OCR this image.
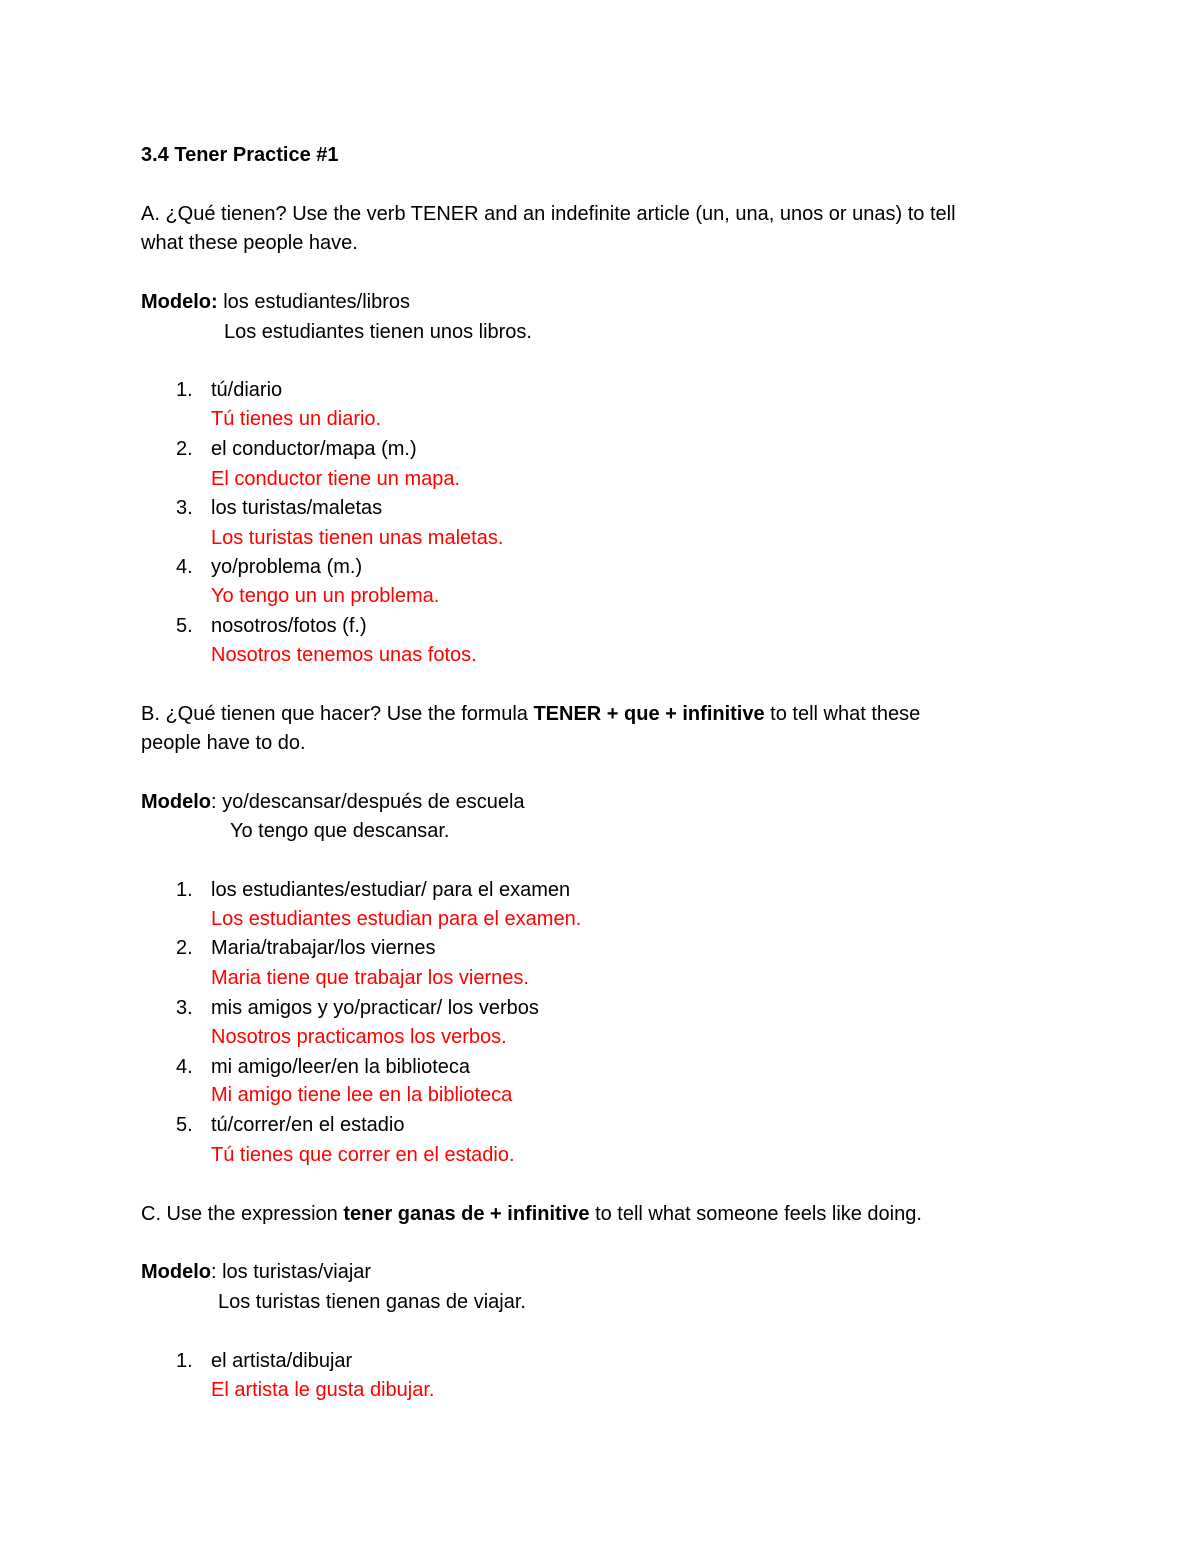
3.4 Tener Practice #1
A. ¿Qué tienen? Use the verb TENER and an indefinite article (un, una, unos or unas) to tell
what these people have.
Modelo: los estudiantes/libros
Los estudiantes tienen unos libros.
1. tú/diario
Tú tienes un diario.
2. el conductor/mapa (m.)
El conductor tiene un mapa.
3. los turistas/maletas
Los turistas tienen unas maletas.
4. yo/problema (m.)
Yo tengo un un problema.
5. nosotros/fotos (f.)
Nosotros tenemos unas fotos.
B. ¿Qué tienen que hacer? Use the formula TENER + que + infinitive to tell what these
people have to do.
Modelo: yo/descansar/después de escuela
Yo tengo que descansar.
1. los estudiantes/estudiar/ para el examen
Los estudiantes estudian para el examen.
2. Maria/trabajar/los viernes
Maria tiene que trabajar los viernes.
3. mis amigos y yo/practicar/ los verbos
Nosotros practicamos los verbos.
4. mi amigo/leer/en la biblioteca
Mi amigo tiene lee en la biblioteca
5. tú/correr/en el estadio
Tú tienes que correr en el estadio.
C. Use the expression tener ganas de + infinitive to tell what someone feels like doing.
Modelo: los turistas/viajar
Los turistas tienen ganas de viajar.
1. el artista/dibujar
El artista le gusta dibujar.
